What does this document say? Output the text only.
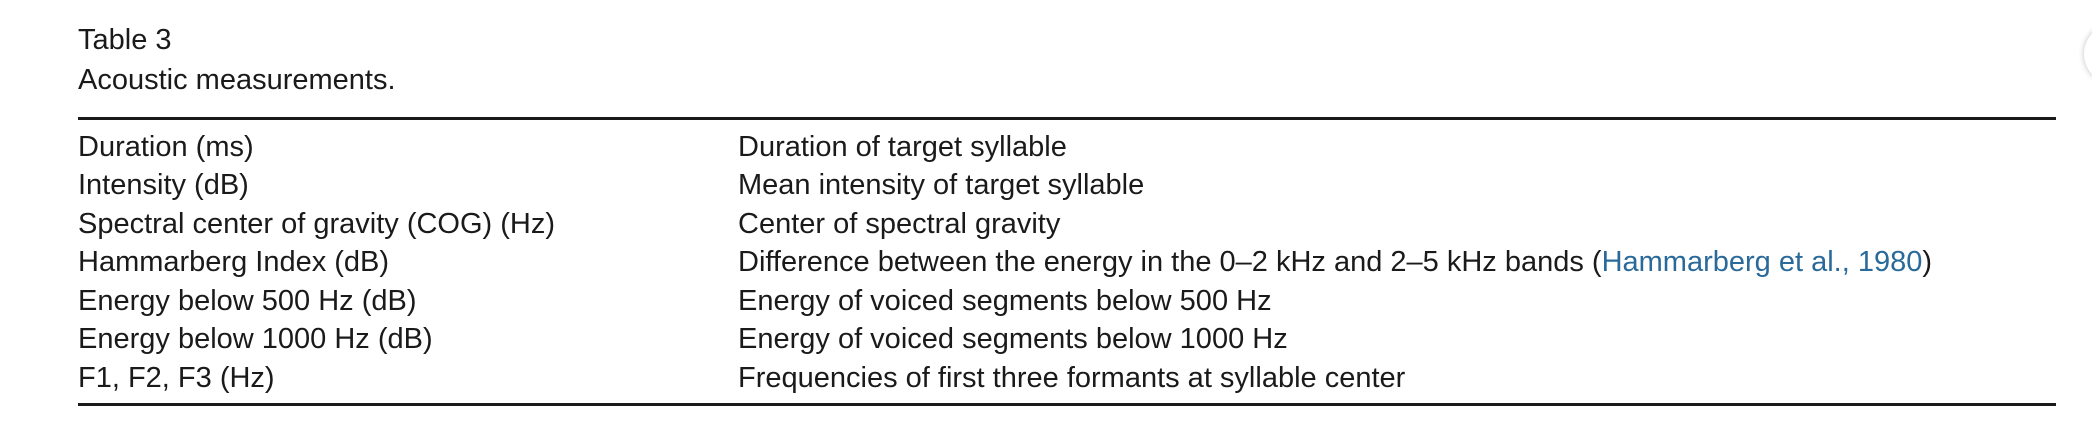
Table 3
Acoustic measurements.
Duration (ms)	Duration of target syllable
Intensity (dB)	Mean intensity of target syllable
Spectral center of gravity (COG) (Hz)	Center of spectral gravity
Hammarberg Index (dB)	Difference between the energy in the 0–2 kHz and 2–5 kHz bands (Hammarberg et al., 1980)
Energy below 500 Hz (dB)	Energy of voiced segments below 500 Hz
Energy below 1000 Hz (dB)	Energy of voiced segments below 1000 Hz
F1, F2, F3 (Hz)	Frequencies of first three formants at syllable center
